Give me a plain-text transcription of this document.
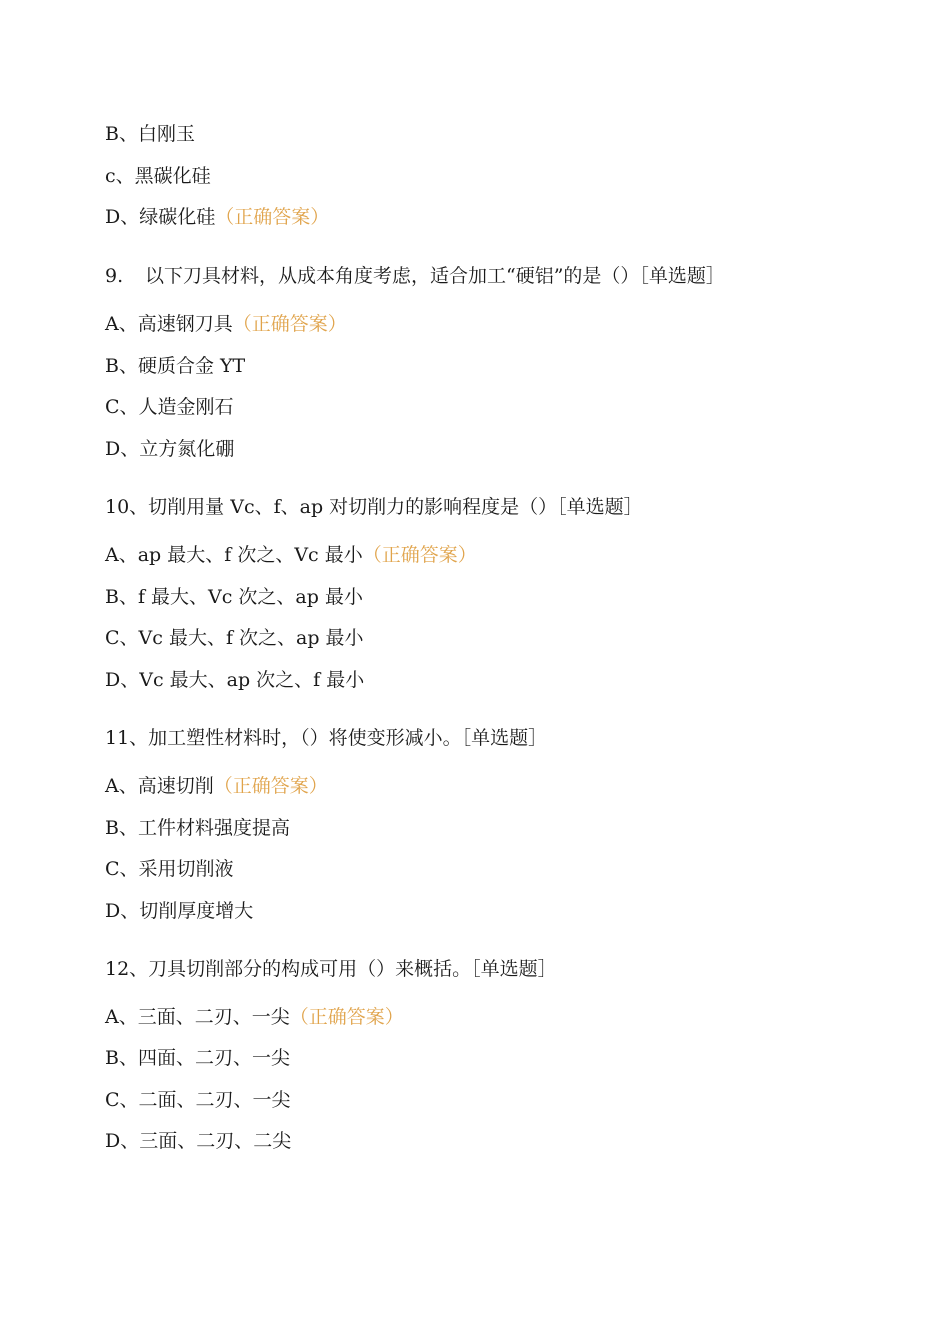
B、白刚玉
c、黑碳化硅
D、绿碳化硅（正确答案）
9. 以下刀具材料，从成本角度考虑，适合加工“硬铝”的是（）［单选题］
A、高速钢刀具（正确答案）
B、硬质合金 YT
C、人造金刚石
D、立方氮化硼
10、切削用量 Vc、f、ap 对切削力的影响程度是（）［单选题］
A、ap 最大、f 次之、Vc 最小（正确答案）
B、f 最大、Vc 次之、ap 最小
C、Vc 最大、f 次之、ap 最小
D、Vc 最大、ap 次之、f 最小
11、加工塑性材料时，（）将使变形减小。［单选题］
A、高速切削（正确答案）
B、工件材料强度提高
C、采用切削液
D、切削厚度增大
12、刀具切削部分的构成可用（）来概括。［单选题］
A、三面、二刃、一尖（正确答案）
B、四面、二刃、一尖
C、二面、二刃、一尖
D、三面、二刃、二尖
